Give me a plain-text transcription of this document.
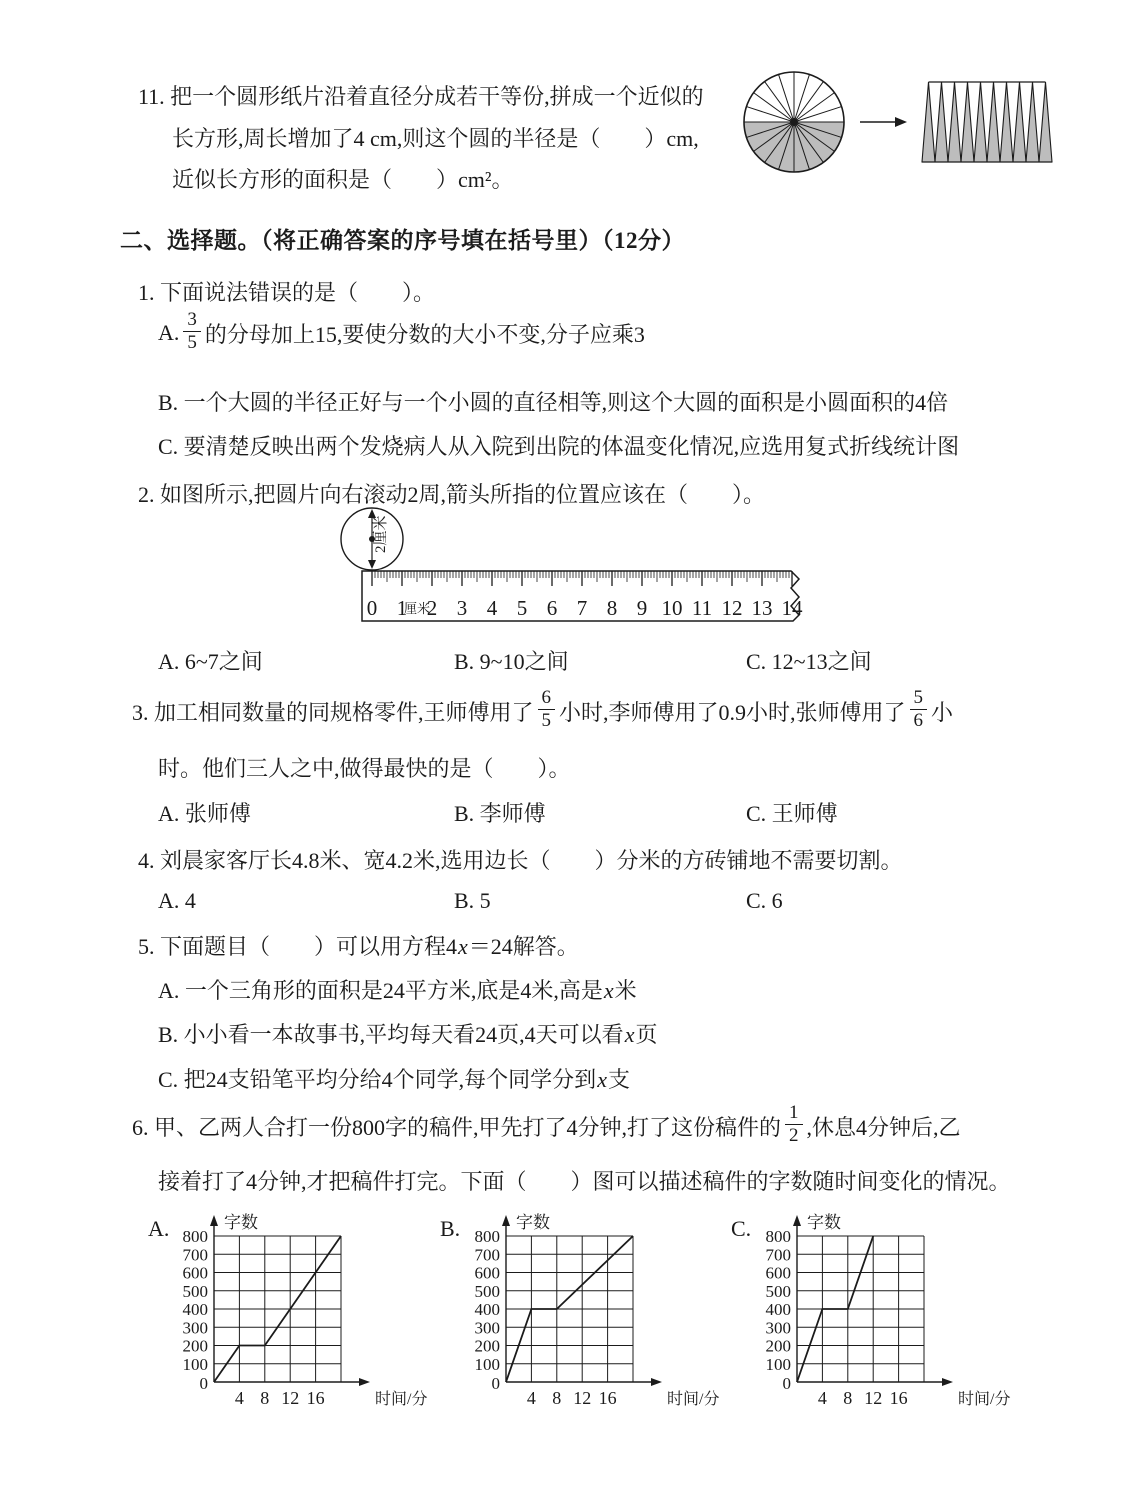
11. 把一个圆形纸片沿着直径分成若干等份,拼成一个近似的
长方形,周长增加了4 cm,则这个圆的半径是（　　）cm,
近似长方形的面积是（　　）cm²。
二、选择题。（将正确答案的序号填在括号里）（12分）
1. 下面说法错误的是（　　）。
A. $\frac{3}{5}$ 的分母加上15,要使分数的大小不变,分子应乘3
B. 一个大圆的半径正好与一个小圆的直径相等,则这个大圆的面积是小圆面积的4倍
C. 要清楚反映出两个发烧病人从入院到出院的体温变化情况,应选用复式折线统计图
2. 如图所示,把圆片向右滚动2周,箭头所指的位置应该在（　　）。
0 1 2 3 4 5 6 7 8 9 10 11 12 13 14
厘米
2厘米
A. 6~7之间	B. 9~10之间	C. 12~13之间
3. 加工相同数量的同规格零件,王师傅用了 $\frac{6}{5}$ 小时,李师傅用了0.9小时,张师傅用了 $\frac{5}{6}$ 小
时。他们三人之中,做得最快的是（　　）。
A. 张师傅	B. 李师傅	C. 王师傅
4. 刘晨家客厅长4.8米、宽4.2米,选用边长（　　）分米的方砖铺地不需要切割。
A. 4	B. 5	C. 6
5. 下面题目（　　）可以用方程4x＝24解答。
A. 一个三角形的面积是24平方米,底是4米,高是x米
B. 小小看一本故事书,平均每天看24页,4天可以看x页
C. 把24支铅笔平均分给4个同学,每个同学分到x支
6. 甲、乙两人合打一份800字的稿件,甲先打了4分钟,打了这份稿件的 $\frac{1}{2}$ ,休息4分钟后,乙
接着打了4分钟,才把稿件打完。下面（　　）图可以描述稿件的字数随时间变化的情况。
A.
0
100
200
300
400
500
600
700
800
4 8 12 16	时间/分
字数	B.
0
100
200
300
400
500
600
700
800
4 8 12 16	时间/分
字数	C.
0
100
200
300
400
500
600
700
800
4 8 12 16	时间/分
字数
